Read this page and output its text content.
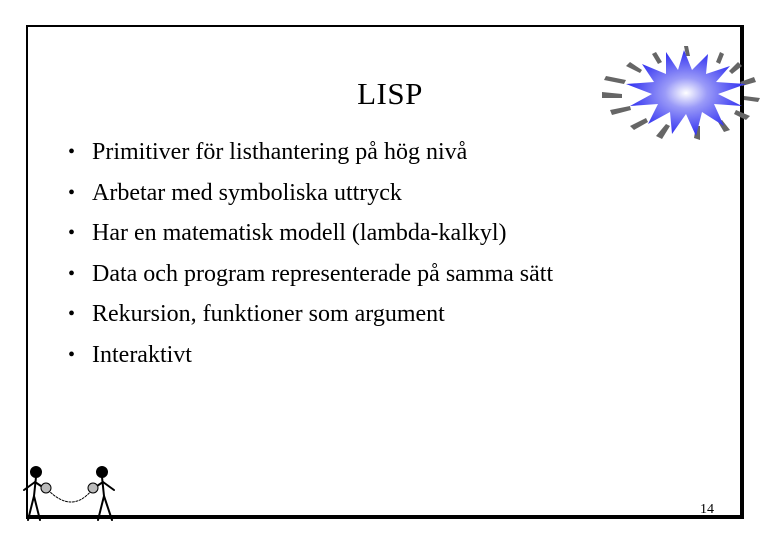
LISP
• Primitiver för listhantering på hög nivå
• Arbetar med symboliska uttryck
• Har en matematisk modell (lambda-kalkyl)
• Data och program representerade på samma sätt
• Rekursion, funktioner som argument
• Interaktivt
14
